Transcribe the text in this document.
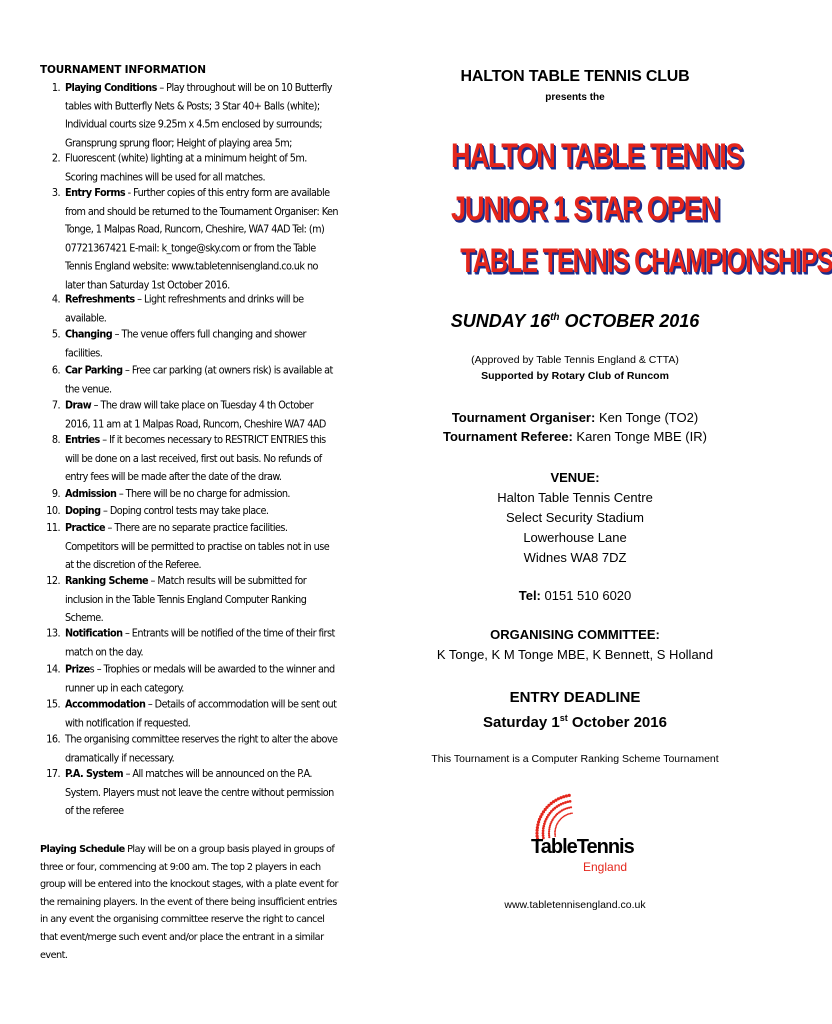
TOURNAMENT INFORMATION
1. Playing Conditions – Play throughout will be on 10 Butterfly tables with Butterfly Nets & Posts; 3 Star 40+ Balls (white); Individual courts size 9.25m x 4.5m enclosed by surrounds; Gransprung sprung floor; Height of playing area 5m;
2. Fluorescent (white) lighting at a minimum height of 5m. Scoring machines will be used for all matches.
3. Entry Forms - Further copies of this entry form are available from and should be returned to the Tournament Organiser: Ken Tonge, 1 Malpas Road, Runcorn, Cheshire, WA7 4AD Tel: (m) 07721367421 E-mail: k_tonge@sky.com or from the Table Tennis England website: www.tabletennisengland.co.uk no later than Saturday 1st October 2016.
4. Refreshments – Light refreshments and drinks will be available.
5. Changing – The venue offers full changing and shower facilities.
6. Car Parking – Free car parking (at owners risk) is available at the venue.
7. Draw – The draw will take place on Tuesday 4 th October 2016, 11 am at 1 Malpas Road, Runcorn, Cheshire WA7 4AD
8. Entries – If it becomes necessary to RESTRICT ENTRIES this will be done on a last received, first out basis. No refunds of entry fees will be made after the date of the draw.
9. Admission – There will be no charge for admission.
10. Doping – Doping control tests may take place.
11. Practice – There are no separate practice facilities. Competitors will be permitted to practise on tables not in use at the discretion of the Referee.
12. Ranking Scheme – Match results will be submitted for inclusion in the Table Tennis England Computer Ranking Scheme.
13. Notification – Entrants will be notified of the time of their first match on the day.
14. Prizes – Trophies or medals will be awarded to the winner and runner up in each category.
15. Accommodation – Details of accommodation will be sent out with notification if requested.
16. The organising committee reserves the right to alter the above dramatically if necessary.
17. P.A. System – All matches will be announced on the P.A. System. Players must not leave the centre without permission of the referee
Playing Schedule Play will be on a group basis played in groups of three or four, commencing at 9:00 am. The top 2 players in each group will be entered into the knockout stages, with a plate event for the remaining players. In the event of there being insufficient entries in any event the organising committee reserve the right to cancel that event/merge such event and/or place the entrant in a similar event.
HALTON TABLE TENNIS CLUB
presents the
HALTON TABLE TENNIS
JUNIOR 1 STAR OPEN
TABLE TENNIS CHAMPIONSHIPS
SUNDAY 16th OCTOBER 2016
(Approved by Table Tennis England & CTTA)
Supported by Rotary Club of Runcom
Tournament Organiser: Ken Tonge (TO2)
Tournament Referee: Karen Tonge MBE (IR)
VENUE:
Halton Table Tennis Centre
Select Security Stadium
Lowerhouse Lane
Widnes WA8 7DZ
Tel: 0151 510 6020
ORGANISING COMMITTEE:
K Tonge, K M Tonge MBE, K Bennett, S Holland
ENTRY DEADLINE
Saturday 1st October 2016
This Tournament is a Computer Ranking Scheme Tournament
TableTennis
England
www.tabletennisengland.co.uk
